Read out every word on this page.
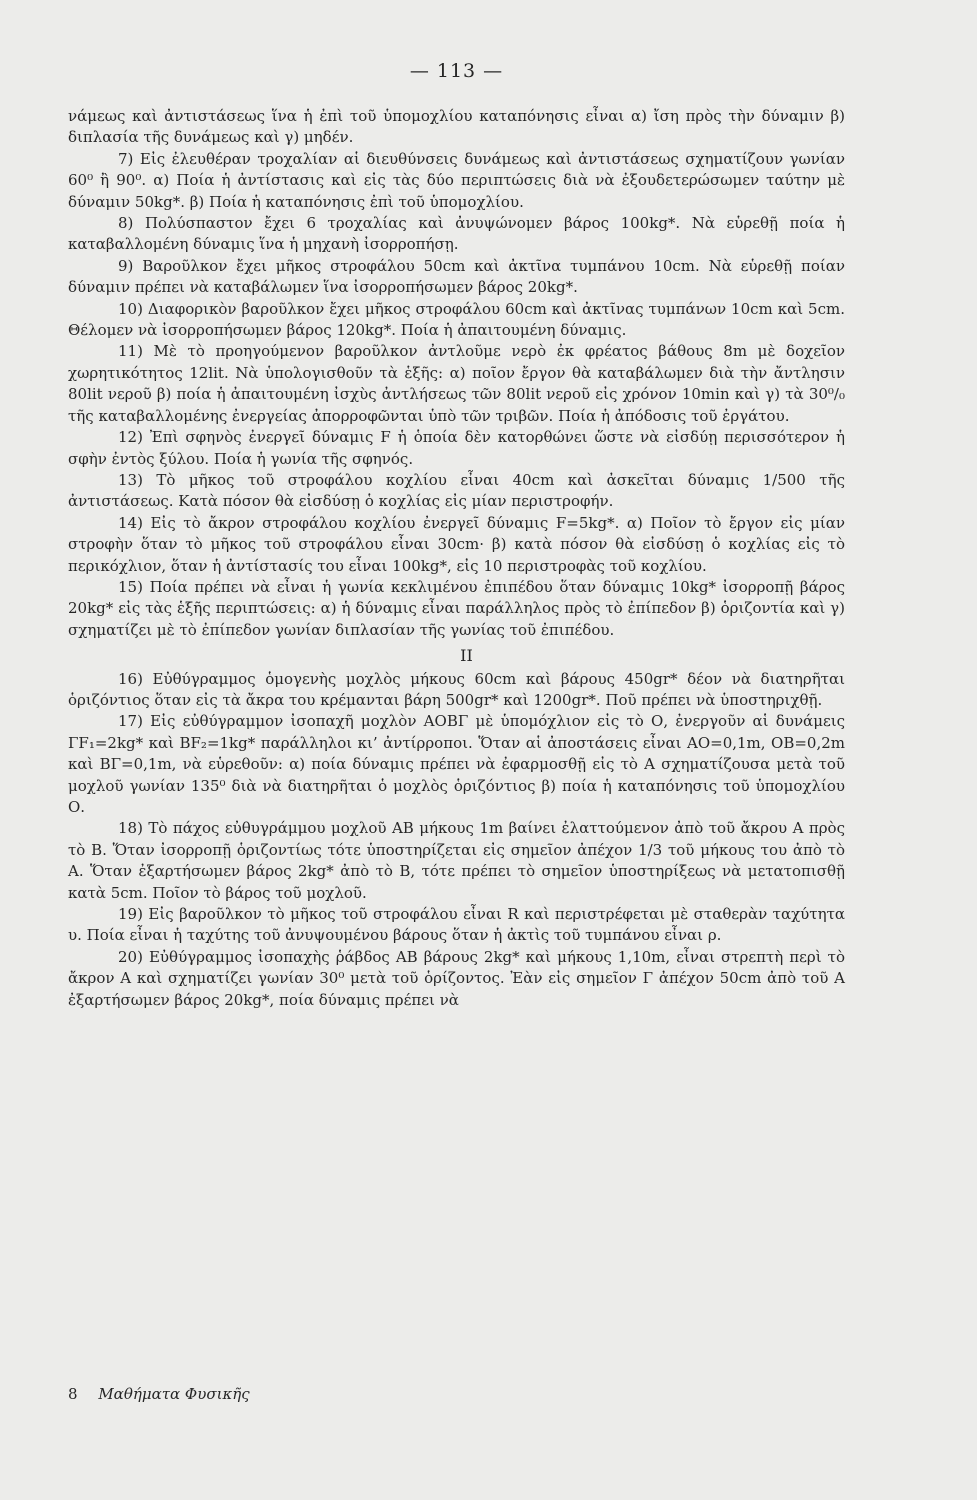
— 113 —

νάμεως καὶ ἀντιστάσεως ἵνα ἡ ἐπὶ τοῦ ὑπομοχλίου καταπόνησις εἶναι α) ἴση πρὸς τὴν δύναμιν β) διπλασία τῆς δυνάμεως καὶ γ) μηδέν.

7) Εἰς ἐλευθέραν τροχαλίαν αἱ διευθύνσεις δυνάμεως καὶ ἀντιστάσεως σχηματίζουν γωνίαν 60⁰ ἢ 90⁰. α) Ποία ἡ ἀντίστασις καὶ εἰς τὰς δύο περιπτώσεις διὰ νὰ ἐξουδετερώσωμεν ταύτην μὲ δύναμιν 50kg*. β) Ποία ἡ καταπόνησις ἐπὶ τοῦ ὑπομοχλίου.

8) Πολύσπαστον ἔχει 6 τροχαλίας καὶ ἀνυψώνομεν βάρος 100kg*. Νὰ εὑρεθῇ ποία ἡ καταβαλλομένη δύναμις ἵνα ἡ μηχανὴ ἰσορροπήσῃ.

9) Βαροῦλκον ἔχει μῆκος στροφάλου 50cm καὶ ἀκτῖνα τυμπάνου 10cm. Νὰ εὑρεθῇ ποίαν δύναμιν πρέπει νὰ καταβάλωμεν ἵνα ἰσορροπήσωμεν βάρος 20kg*.

10) Διαφορικὸν βαροῦλκον ἔχει μῆκος στροφάλου 60cm καὶ ἀκτῖνας τυμπάνων 10cm καὶ 5cm. Θέλομεν νὰ ἰσορροπήσωμεν βάρος 120kg*. Ποία ἡ ἀπαιτουμένη δύναμις.

11) Μὲ τὸ προηγούμενον βαροῦλκον ἀντλοῦμε νερὸ ἐκ φρέατος βάθους 8m μὲ δοχεῖον χωρητικότητος 12lit. Νὰ ὑπολογισθοῦν τὰ ἑξῆς: α) ποῖον ἔργον θὰ καταβάλωμεν διὰ τὴν ἄντλησιν 80lit νεροῦ β) ποία ἡ ἀπαιτουμένη ἰσχὺς ἀντλήσεως τῶν 80lit νεροῦ εἰς χρόνον 10min καὶ γ) τὰ 30⁰/₀ τῆς καταβαλλομένης ἐνεργείας ἀπορροφῶνται ὑπὸ τῶν τριβῶν. Ποία ἡ ἀπόδοσις τοῦ ἐργάτου.

12) Ἐπὶ σφηνὸς ἐνεργεῖ δύναμις F ἡ ὁποία δὲν κατορθώνει ὥστε νὰ εἰσδύῃ περισσότερον ἡ σφὴν ἐντὸς ξύλου. Ποία ἡ γωνία τῆς σφηνός.

13) Τὸ μῆκος τοῦ στροφάλου κοχλίου εἶναι 40cm καὶ ἀσκεῖται δύναμις 1/500 τῆς ἀντιστάσεως. Κατὰ πόσον θὰ εἰσδύσῃ ὁ κοχλίας εἰς μίαν περιστροφήν.

14) Εἰς τὸ ἄκρον στροφάλου κοχλίου ἐνεργεῖ δύναμις F=5kg*. α) Ποῖον τὸ ἔργον εἰς μίαν στροφὴν ὅταν τὸ μῆκος τοῦ στροφάλου εἶναι 30cm· β) κατὰ πόσον θὰ εἰσδύσῃ ὁ κοχλίας εἰς τὸ περικόχλιον, ὅταν ἡ ἀντίστασίς του εἶναι 100kg*, εἰς 10 περιστροφὰς τοῦ κοχλίου.

15) Ποία πρέπει νὰ εἶναι ἡ γωνία κεκλιμένου ἐπιπέδου ὅταν δύναμις 10kg* ἰσορροπῇ βάρος 20kg* εἰς τὰς ἑξῆς περιπτώσεις: α) ἡ δύναμις εἶναι παράλληλος πρὸς τὸ ἐπίπεδον β) ὁριζοντία καὶ γ) σχηματίζει μὲ τὸ ἐπίπεδον γωνίαν διπλασίαν τῆς γωνίας τοῦ ἐπιπέδου.

II

16) Εὐθύγραμμος ὁμογενὴς μοχλὸς μήκους 60cm καὶ βάρους 450gr* δέον νὰ διατηρῆται ὁριζόντιος ὅταν εἰς τὰ ἄκρα του κρέμανται βάρη 500gr* καὶ 1200gr*. Ποῦ πρέπει νὰ ὑποστηριχθῇ.

17) Εἰς εὐθύγραμμον ἰσοπαχῆ μοχλὸν ΑΟΒΓ μὲ ὑπομόχλιον εἰς τὸ Ο, ἐνεργοῦν αἱ δυνάμεις ΓF₁=2kg* καὶ ΒF₂=1kg* παράλληλοι κι’ ἀντίρροποι. Ὅταν αἱ ἀποστάσεις εἶναι ΑΟ=0,1m, ΟΒ=0,2m καὶ ΒΓ=0,1m, νὰ εὑρεθοῦν: α) ποία δύναμις πρέπει νὰ ἐφαρμοσθῇ εἰς τὸ Α σχηματίζουσα μετὰ τοῦ μοχλοῦ γωνίαν 135⁰ διὰ νὰ διατηρῆται ὁ μοχλὸς ὁριζόντιος β) ποία ἡ καταπόνησις τοῦ ὑπομοχλίου Ο.

18) Τὸ πάχος εὐθυγράμμου μοχλοῦ ΑΒ μήκους 1m βαίνει ἐλαττούμενον ἀπὸ τοῦ ἄκρου Α πρὸς τὸ Β. Ὅταν ἰσορροπῇ ὁριζοντίως τότε ὑποστηρίζεται εἰς σημεῖον ἀπέχον 1/3 τοῦ μήκους του ἀπὸ τὸ Α. Ὅταν ἐξαρτήσωμεν βάρος 2kg* ἀπὸ τὸ Β, τότε πρέπει τὸ σημεῖον ὑποστηρίξεως νὰ μετατοπισθῇ κατὰ 5cm. Ποῖον τὸ βάρος τοῦ μοχλοῦ.

19) Εἰς βαροῦλκον τὸ μῆκος τοῦ στροφάλου εἶναι R καὶ περιστρέφεται μὲ σταθερὰν ταχύτητα υ. Ποία εἶναι ἡ ταχύτης τοῦ ἀνυψουμένου βάρους ὅταν ἡ ἀκτὶς τοῦ τυμπάνου εἶναι ρ.

20) Εὐθύγραμμος ἰσοπαχὴς ῥάβδος ΑΒ βάρους 2kg* καὶ μήκους 1,10m, εἶναι στρεπτὴ περὶ τὸ ἄκρον Α καὶ σχηματίζει γωνίαν 30⁰ μετὰ τοῦ ὁρίζοντος. Ἐὰν εἰς σημεῖον Γ ἀπέχον 50cm ἀπὸ τοῦ Α ἐξαρτήσωμεν βάρος 20kg*, ποία δύναμις πρέπει νὰ

8 Μαθήματα Φυσικῆς
